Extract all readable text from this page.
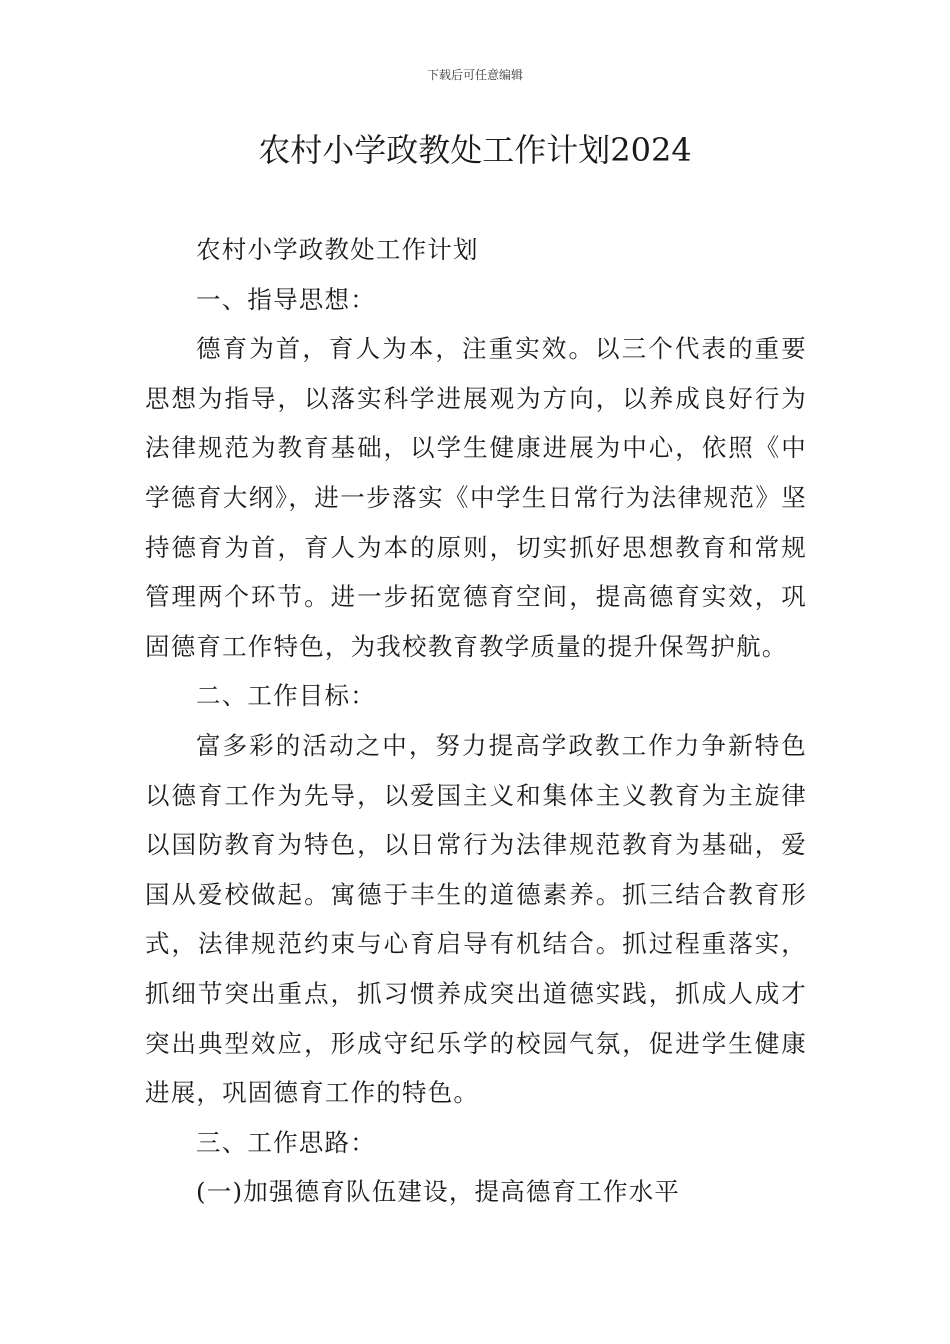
下载后可任意编辑
农村小学政教处工作计划2024

农村小学政教处工作计划

一、指导思想：

德育为首，育人为本，注重实效。以三个代表的重要思想为指导，以落实科学进展观为方向，以养成良好行为法律规范为教育基础，以学生健康进展为中心，依照《中学德育大纲》，进一步落实《中学生日常行为法律规范》坚持德育为首，育人为本的原则，切实抓好思想教育和常规管理两个环节。进一步拓宽德育空间，提高德育实效，巩固德育工作特色，为我校教育教学质量的提升保驾护航。

二、工作目标：

富多彩的活动之中，努力提高学政教工作力争新特色以德育工作为先导，以爱国主义和集体主义教育为主旋律以国防教育为特色，以日常行为法律规范教育为基础，爱国从爱校做起。寓德于丰生的道德素养。抓三结合教育形式，法律规范约束与心育启导有机结合。抓过程重落实，抓细节突出重点，抓习惯养成突出道德实践，抓成人成才突出典型效应，形成守纪乐学的校园气氛，促进学生健康进展，巩固德育工作的特色。

三、工作思路：

(一)加强德育队伍建设，提高德育工作水平
